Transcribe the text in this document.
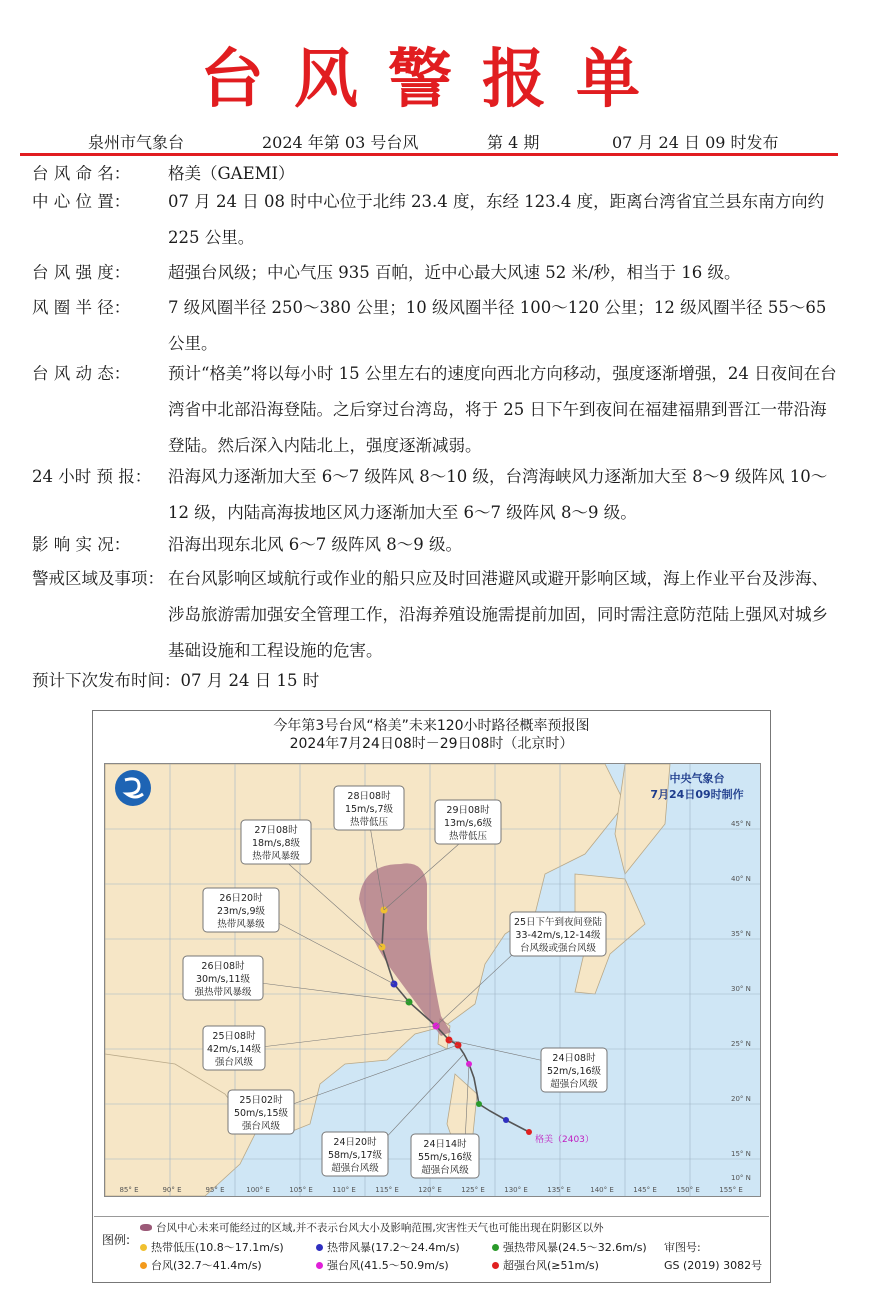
台风警报单
泉州市气象台	2024 年第 03 号台风	第 4 期	07 月 24 日 09 时发布
台 风 命 名： 格美（GAEMI）
中 心 位 置： 07 月 24 日 08 时中心位于北纬 23.4 度，东经 123.4 度，距离台湾省宜兰县东南方向约 225 公里。
台 风 强 度： 超强台风级；中心气压 935 百帕，近中心最大风速 52 米/秒，相当于 16 级。
风 圈 半 径： 7 级风圈半径 250～380 公里；10 级风圈半径 100～120 公里；12 级风圈半径 55～65 公里。
台 风 动 态： 预计“格美”将以每小时 15 公里左右的速度向西北方向移动，强度逐渐增强，24 日夜间在台湾省中北部沿海登陆。之后穿过台湾岛，将于 25 日下午到夜间在福建福鼎到晋江一带沿海登陆。然后深入内陆北上，强度逐渐减弱。
24 小时 预 报： 沿海风力逐渐加大至 6～7 级阵风 8～10 级，台湾海峡风力逐渐加大至 8～9 级阵风 10～12 级，内陆高海拔地区风力逐渐加大至 6～7 级阵风 8～9 级。
影 响 实 况： 沿海出现东北风 6～7 级阵风 8～9 级。
警戒区域及事项： 在台风影响区域航行或作业的船只应及时回港避风或避开影响区域，海上作业平台及涉海、涉岛旅游需加强安全管理工作，沿海养殖设施需提前加固，同时需注意防范陆上强风对城乡基础设施和工程设施的危害。
预计下次发布时间：07 月 24 日 15 时
今年第3号台风“格美”未来120小时路径概率预报图
2024年7月24日08时－29日08时（北京时）
中央气象台
7月24日09时制作
格美（2403）
28日08时
15m/s,7级
热带低压
29日08时
13m/s,6级
热带低压
27日08时
18m/s,8级
热带风暴级
26日20时
23m/s,9级
热带风暴级	25日下午到夜间登陆
33-42m/s,12-14级
台风级或强台风级
26日08时
30m/s,11级
强热带风暴级
25日08时
42m/s,14级
强台风级	24日08时
52m/s,16级
超强台风级
25日02时
50m/s,15级
强台风级
24日20时
58m/s,17级
超强台风级
24日14时
55m/s,16级
超强台风级
85° E	90° E	95° E	100° E	105° E	110° E	115° E	120° E	125° E	130° E	135° E	140° E	145° E	150° E	155° E
45° N
40° N
35° N
30° N
25° N
20° N
15° N
10° N
图例:
台风中心未来可能经过的区域,并不表示台风大小及影响范围,灾害性天气也可能出现在阴影区以外
热带低压(10.8～17.1m/s)	热带风暴(17.2～24.4m/s)	强热带风暴(24.5～32.6m/s)
台风(32.7～41.4m/s)	强台风(41.5～50.9m/s)	超强台风(≥51m/s)
审图号:
GS (2019) 3082号
